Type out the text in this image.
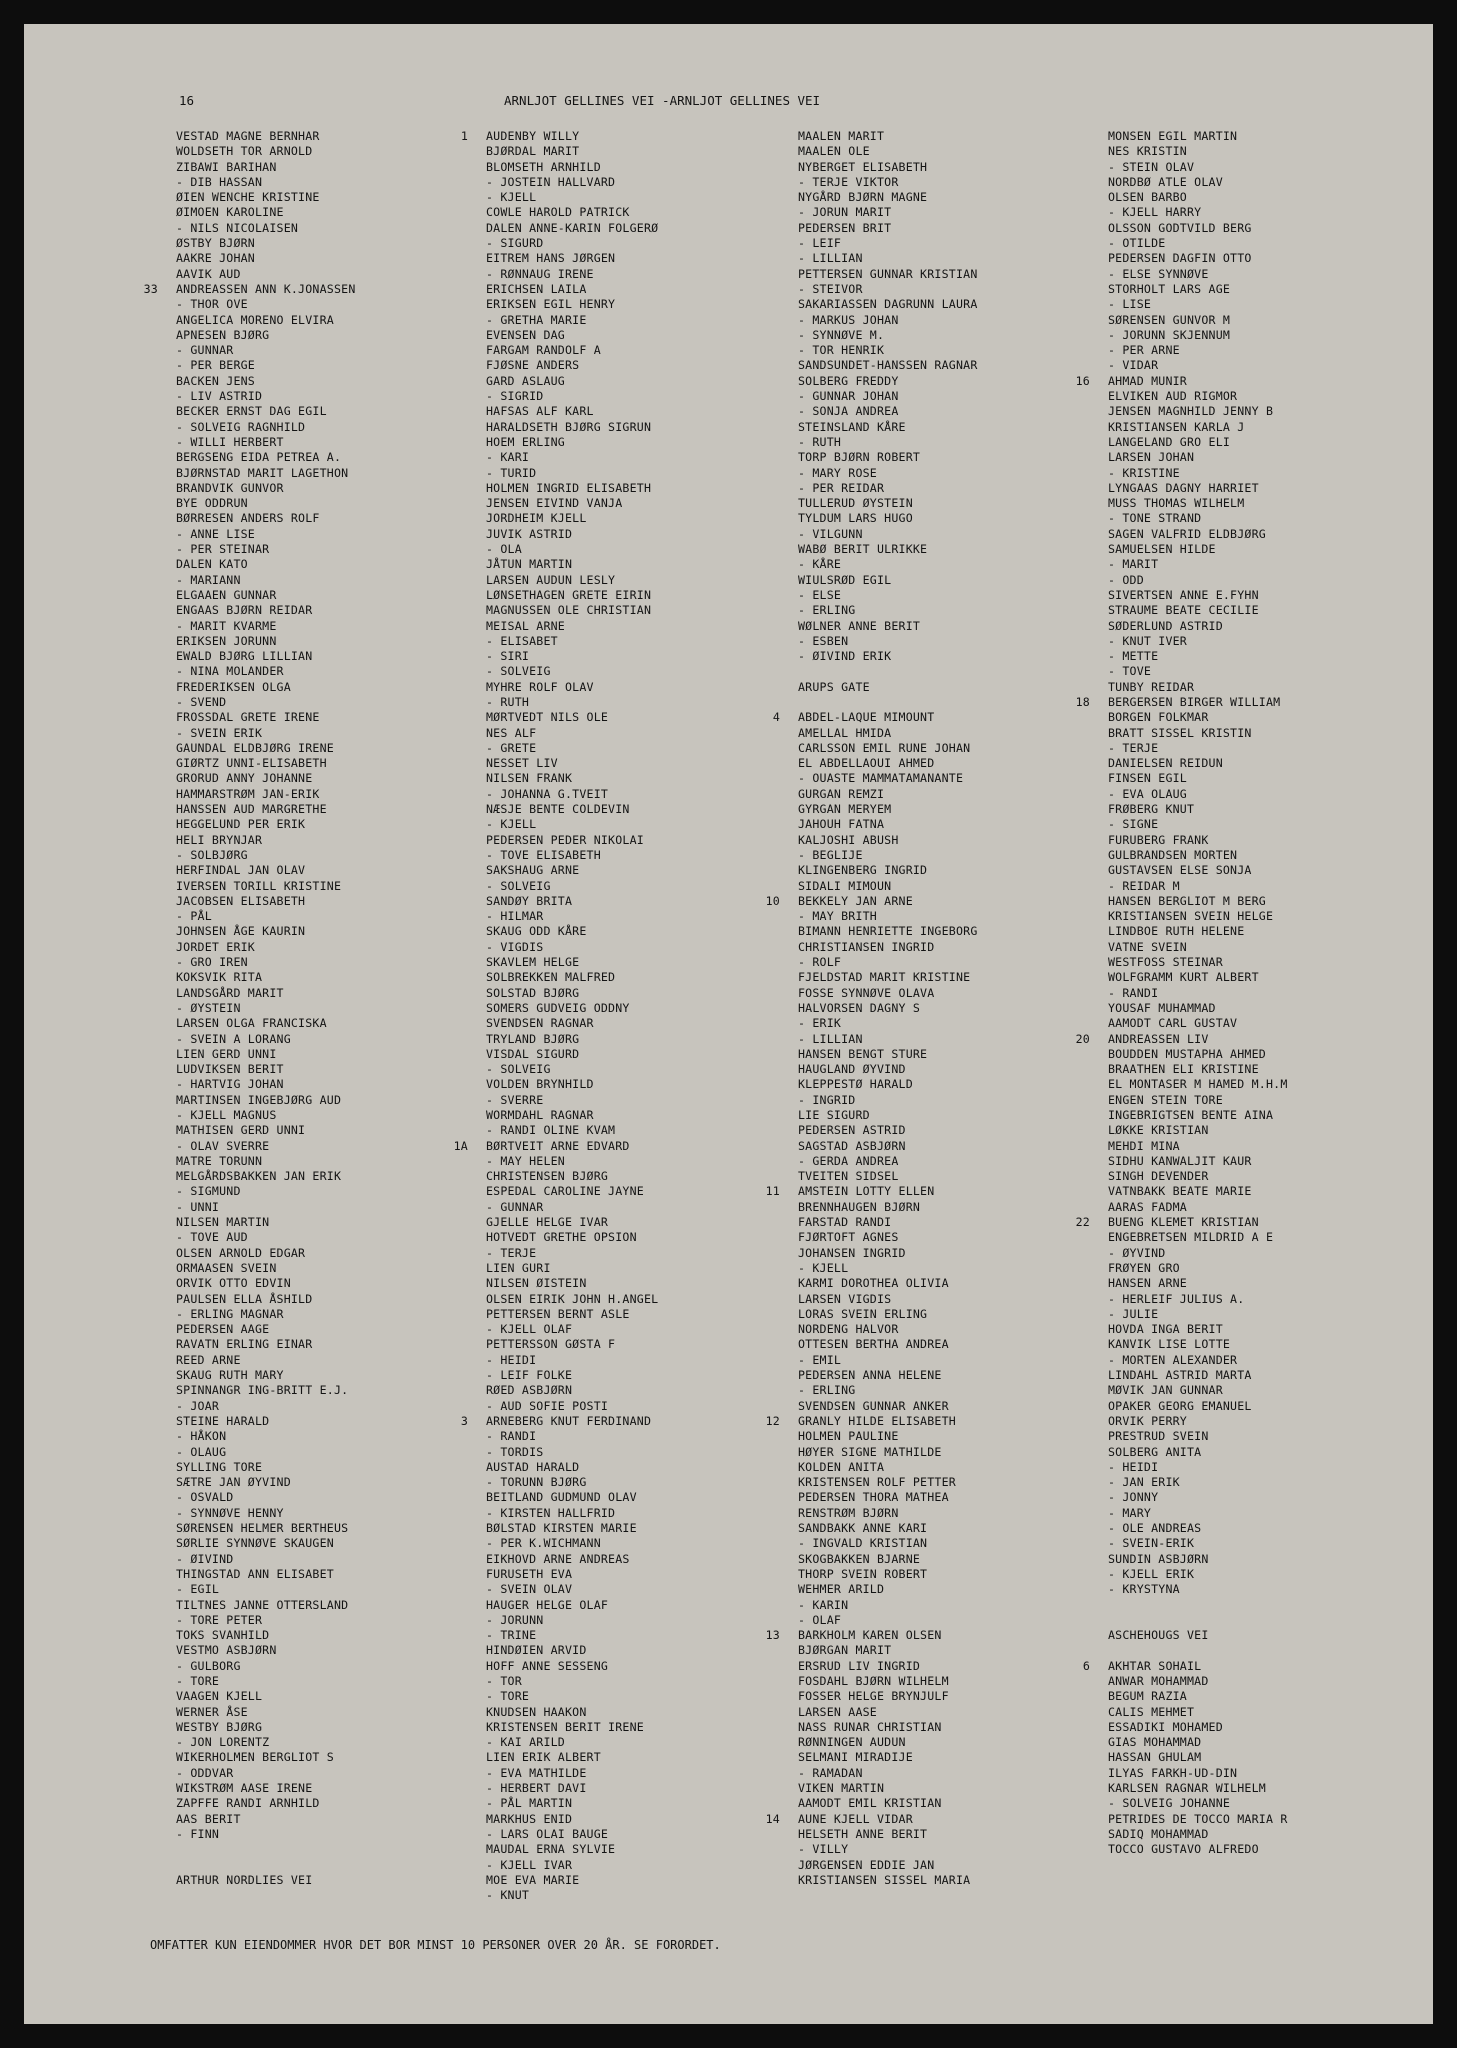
16	ARNLJOT GELLINES VEI -ARNLJOT GELLINES VEI
VESTAD MAGNE BERNHAR
WOLDSETH TOR ARNOLD
ZIBAWI BARIHAN
- DIB HASSAN
ØIEN WENCHE KRISTINE
ØIMOEN KAROLINE
- NILS NICOLAISEN
ØSTBY BJØRN
AAKRE JOHAN
AAVIK AUD
33 ANDREASSEN ANN K.JONASSEN
- THOR OVE
ANGELICA MORENO ELVIRA
APNESEN BJØRG
- GUNNAR
- PER BERGE
BACKEN JENS
- LIV ASTRID
BECKER ERNST DAG EGIL
- SOLVEIG RAGNHILD
- WILLI HERBERT
BERGSENG EIDA PETREA A.
BJØRNSTAD MARIT LAGETHON
BRANDVIK GUNVOR
BYE ODDRUN
BØRRESEN ANDERS ROLF
- ANNE LISE
- PER STEINAR
DALEN KATO
- MARIANN
ELGAAEN GUNNAR
ENGAAS BJØRN REIDAR
- MARIT KVARME
ERIKSEN JORUNN
EWALD BJØRG LILLIAN
- NINA MOLANDER
FREDERIKSEN OLGA
- SVEND
FROSSDAL GRETE IRENE
- SVEIN ERIK
GAUNDAL ELDBJØRG IRENE
GIØRTZ UNNI-ELISABETH
GRORUD ANNY JOHANNE
HAMMARSTRØM JAN-ERIK
HANSSEN AUD MARGRETHE
HEGGELUND PER ERIK
HELI BRYNJAR
- SOLBJØRG
HERFINDAL JAN OLAV
IVERSEN TORILL KRISTINE
JACOBSEN ELISABETH
- PÅL
JOHNSEN ÅGE KAURIN
JORDET ERIK
- GRO IREN
KOKSVIK RITA
LANDSGÅRD MARIT
- ØYSTEIN
LARSEN OLGA FRANCISKA
- SVEIN A LORANG
LIEN GERD UNNI
LUDVIKSEN BERIT
- HARTVIG JOHAN
MARTINSEN INGEBJØRG AUD
- KJELL MAGNUS
MATHISEN GERD UNNI
- OLAV SVERRE
MATRE TORUNN
MELGÅRDSBAKKEN JAN ERIK
- SIGMUND
- UNNI
NILSEN MARTIN
- TOVE AUD
OLSEN ARNOLD EDGAR
ORMAASEN SVEIN
ORVIK OTTO EDVIN
PAULSEN ELLA ÅSHILD
- ERLING MAGNAR
PEDERSEN AAGE
RAVATN ERLING EINAR
REED ARNE
SKAUG RUTH MARY
SPINNANGR ING-BRITT E.J.
- JOAR
STEINE HARALD
- HÅKON
- OLAUG
SYLLING TORE
SÆTRE JAN ØYVIND
- OSVALD
- SYNNØVE HENNY
SØRENSEN HELMER BERTHEUS
SØRLIE SYNNØVE SKAUGEN
- ØIVIND
THINGSTAD ANN ELISABET
- EGIL
TILTNES JANNE OTTERSLAND
- TORE PETER
TOKS SVANHILD
VESTMO ASBJØRN
- GULBORG
- TORE
VAAGEN KJELL
WERNER ÅSE
WESTBY BJØRG
- JON LORENTZ
WIKERHOLMEN BERGLIOT S
- ODDVAR
WIKSTRØM AASE IRENE
ZAPFFE RANDI ARNHILD
AAS BERIT
- FINN
ARTHUR NORDLIES VEI
1 AUDENBY WILLY
BJØRDAL MARIT
BLOMSETH ARNHILD
- JOSTEIN HALLVARD
- KJELL
COWLE HAROLD PATRICK
DALEN ANNE-KARIN FOLGERØ
- SIGURD
EITREM HANS JØRGEN
- RØNNAUG IRENE
ERICHSEN LAILA
ERIKSEN EGIL HENRY
- GRETHA MARIE
EVENSEN DAG
FARGAM RANDOLF A
FJØSNE ANDERS
GARD ASLAUG
- SIGRID
HAFSAS ALF KARL
HARALDSETH BJØRG SIGRUN
HOEM ERLING
- KARI
- TURID
HOLMEN INGRID ELISABETH
JENSEN EIVIND VANJA
JORDHEIM KJELL
JUVIK ASTRID
- OLA
JÅTUN MARTIN
LARSEN AUDUN LESLY
LØNSETHAGEN GRETE EIRIN
MAGNUSSEN OLE CHRISTIAN
MEISAL ARNE
- ELISABET
- SIRI
- SOLVEIG
MYHRE ROLF OLAV
- RUTH
MØRTVEDT NILS OLE
NES ALF
- GRETE
NESSET LIV
NILSEN FRANK
- JOHANNA G.TVEIT
NÆSJE BENTE COLDEVIN
- KJELL
PEDERSEN PEDER NIKOLAI
- TOVE ELISABETH
SAKSHAUG ARNE
- SOLVEIG
SANDØY BRITA
- HILMAR
SKAUG ODD KÅRE
- VIGDIS
SKAVLEM HELGE
SOLBREKKEN MALFRED
SOLSTAD BJØRG
SOMERS GUDVEIG ODDNY
SVENDSEN RAGNAR
TRYLAND BJØRG
VISDAL SIGURD
- SOLVEIG
VOLDEN BRYNHILD
- SVERRE
WORMDAHL RAGNAR
- RANDI OLINE KVAM
1A BØRTVEIT ARNE EDVARD
- MAY HELEN
CHRISTENSEN BJØRG
ESPEDAL CAROLINE JAYNE
- GUNNAR
GJELLE HELGE IVAR
HOTVEDT GRETHE OPSION
- TERJE
LIEN GURI
NILSEN ØISTEIN
OLSEN EIRIK JOHN H.ANGEL
PETTERSEN BERNT ASLE
- KJELL OLAF
PETTERSSON GØSTA F
- HEIDI
- LEIF FOLKE
RØED ASBJØRN
- AUD SOFIE POSTI
3 ARNEBERG KNUT FERDINAND
- RANDI
- TORDIS
AUSTAD HARALD
- TORUNN BJØRG
BEITLAND GUDMUND OLAV
- KIRSTEN HALLFRID
BØLSTAD KIRSTEN MARIE
- PER K.WICHMANN
EIKHOVD ARNE ANDREAS
FURUSETH EVA
- SVEIN OLAV
HAUGER HELGE OLAF
- JORUNN
- TRINE
HINDØIEN ARVID
HOFF ANNE SESSENG
- TOR
- TORE
KNUDSEN HAAKON
KRISTENSEN BERIT IRENE
- KAI ARILD
LIEN ERIK ALBERT
- EVA MATHILDE
- HERBERT DAVI
- PÅL MARTIN
MARKHUS ENID
- LARS OLAI BAUGE
MAUDAL ERNA SYLVIE
- KJELL IVAR
MOE EVA MARIE
- KNUT
MAALEN MARIT
MAALEN OLE
NYBERGET ELISABETH
- TERJE VIKTOR
NYGÅRD BJØRN MAGNE
- JORUN MARIT
PEDERSEN BRIT
- LEIF
- LILLIAN
PETTERSEN GUNNAR KRISTIAN
- STEIVOR
SAKARIASSEN DAGRUNN LAURA
- MARKUS JOHAN
- SYNNØVE M.
- TOR HENRIK
SANDSUNDET-HANSSEN RAGNAR
SOLBERG FREDDY
- GUNNAR JOHAN
- SONJA ANDREA
STEINSLAND KÅRE
- RUTH
TORP BJØRN ROBERT
- MARY ROSE
- PER REIDAR
TULLERUD ØYSTEIN
TYLDUM LARS HUGO
- VILGUNN
WABØ BERIT ULRIKKE
- KÅRE
WIULSRØD EGIL
- ELSE
- ERLING
WØLNER ANNE BERIT
- ESBEN
- ØIVIND ERIK
ARUPS GATE
4 ABDEL-LAQUE MIMOUNT
AMELLAL HMIDA
CARLSSON EMIL RUNE JOHAN
EL ABDELLAOUI AHMED
- OUASTE MAMMATAMANANTE
GURGAN REMZI
GYRGAN MERYEM
JAHOUH FATNA
KALJOSHI ABUSH
- BEGLIJE
KLINGENBERG INGRID
SIDALI MIMOUN
10 BEKKELY JAN ARNE
- MAY BRITH
BIMANN HENRIETTE INGEBORG
CHRISTIANSEN INGRID
- ROLF
FJELDSTAD MARIT KRISTINE
FOSSE SYNNØVE OLAVA
HALVORSEN DAGNY S
- ERIK
- LILLIAN
HANSEN BENGT STURE
HAUGLAND ØYVIND
KLEPPESTØ HARALD
- INGRID
LIE SIGURD
PEDERSEN ASTRID
SAGSTAD ASBJØRN
- GERDA ANDREA
TVEITEN SIDSEL
11 AMSTEIN LOTTY ELLEN
BRENNHAUGEN BJØRN
FARSTAD RANDI
FJØRTOFT AGNES
JOHANSEN INGRID
- KJELL
KARMI DOROTHEA OLIVIA
LARSEN VIGDIS
LORAS SVEIN ERLING
NORDENG HALVOR
OTTESEN BERTHA ANDREA
- EMIL
PEDERSEN ANNA HELENE
- ERLING
SVENDSEN GUNNAR ANKER
12 GRANLY HILDE ELISABETH
HOLMEN PAULINE
HØYER SIGNE MATHILDE
KOLDEN ANITA
KRISTENSEN ROLF PETTER
PEDERSEN THORA MATHEA
RENSTRØM BJØRN
SANDBAKK ANNE KARI
- INGVALD KRISTIAN
SKOGBAKKEN BJARNE
THORP SVEIN ROBERT
WEHMER ARILD
- KARIN
- OLAF
13 BARKHOLM KAREN OLSEN
BJØRGAN MARIT
ERSRUD LIV INGRID
FOSDAHL BJØRN WILHELM
FOSSER HELGE BRYNJULF
LARSEN AASE
NASS RUNAR CHRISTIAN
RØNNINGEN AUDUN
SELMANI MIRADIJE
- RAMADAN
VIKEN MARTIN
AAMODT EMIL KRISTIAN
14 AUNE KJELL VIDAR
HELSETH ANNE BERIT
- VILLY
JØRGENSEN EDDIE JAN
KRISTIANSEN SISSEL MARIA
MONSEN EGIL MARTIN
NES KRISTIN
- STEIN OLAV
NORDBØ ATLE OLAV
OLSEN BARBO
- KJELL HARRY
OLSSON GODTVILD BERG
- OTILDE
PEDERSEN DAGFIN OTTO
- ELSE SYNNØVE
STORHOLT LARS AGE
- LISE
SØRENSEN GUNVOR M
- JORUNN SKJENNUM
- PER ARNE
- VIDAR
16 AHMAD MUNIR
ELVIKEN AUD RIGMOR
JENSEN MAGNHILD JENNY B
KRISTIANSEN KARLA J
LANGELAND GRO ELI
LARSEN JOHAN
- KRISTINE
LYNGAAS DAGNY HARRIET
MUSS THOMAS WILHELM
- TONE STRAND
SAGEN VALFRID ELDBJØRG
SAMUELSEN HILDE
- MARIT
- ODD
SIVERTSEN ANNE E.FYHN
STRAUME BEATE CECILIE
SØDERLUND ASTRID
- KNUT IVER
- METTE
- TOVE
TUNBY REIDAR
18 BERGERSEN BIRGER WILLIAM
BORGEN FOLKMAR
BRATT SISSEL KRISTIN
- TERJE
DANIELSEN REIDUN
FINSEN EGIL
- EVA OLAUG
FRØBERG KNUT
- SIGNE
FURUBERG FRANK
GULBRANDSEN MORTEN
GUSTAVSEN ELSE SONJA
- REIDAR M
HANSEN BERGLIOT M BERG
KRISTIANSEN SVEIN HELGE
LINDBOE RUTH HELENE
VATNE SVEIN
WESTFOSS STEINAR
WOLFGRAMM KURT ALBERT
- RANDI
YOUSAF MUHAMMAD
AAMODT CARL GUSTAV
20 ANDREASSEN LIV
BOUDDEN MUSTAPHA AHMED
BRAATHEN ELI KRISTINE
EL MONTASER M HAMED M.H.M
ENGEN STEIN TORE
INGEBRIGTSEN BENTE AINA
LØKKE KRISTIAN
MEHDI MINA
SIDHU KANWALJIT KAUR
SINGH DEVENDER
VATNBAKK BEATE MARIE
AARAS FADMA
22 BUENG KLEMET KRISTIAN
ENGEBRETSEN MILDRID A E
- ØYVIND
FRØYEN GRO
HANSEN ARNE
- HERLEIF JULIUS A.
- JULIE
HOVDA INGA BERIT
KANVIK LISE LOTTE
- MORTEN ALEXANDER
LINDAHL ASTRID MARTA
MØVIK JAN GUNNAR
OPAKER GEORG EMANUEL
ORVIK PERRY
PRESTRUD SVEIN
SOLBERG ANITA
- HEIDI
- JAN ERIK
- JONNY
- MARY
- OLE ANDREAS
- SVEIN-ERIK
SUNDIN ASBJØRN
- KJELL ERIK
- KRYSTYNA
ASCHEHOUGS VEI
6 AKHTAR SOHAIL
ANWAR MOHAMMAD
BEGUM RAZIA
CALIS MEHMET
ESSADIKI MOHAMED
GIAS MOHAMMAD
HASSAN GHULAM
ILYAS FARKH-UD-DIN
KARLSEN RAGNAR WILHELM
- SOLVEIG JOHANNE
PETRIDES DE TOCCO MARIA R
SADIQ MOHAMMAD
TOCCO GUSTAVO ALFREDO
OMFATTER KUN EIENDOMMER HVOR DET BOR MINST 10 PERSONER OVER 20 ÅR. SE FORORDET.
